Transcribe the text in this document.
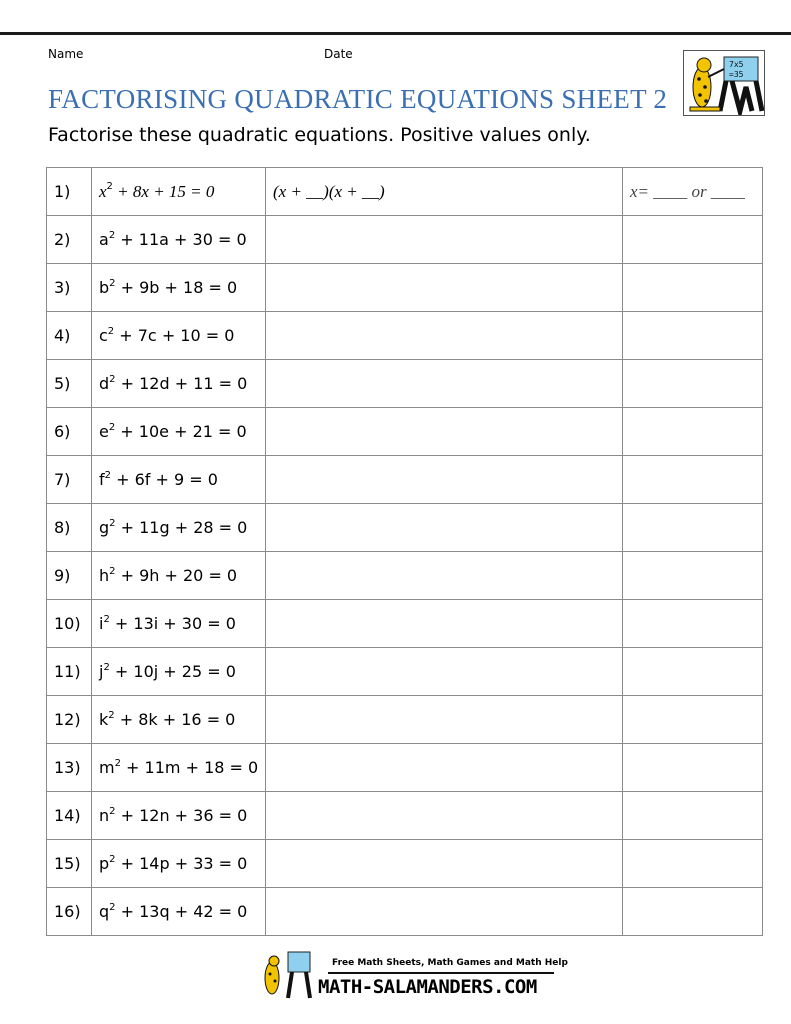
Name	Date
FACTORISING QUADRATIC EQUATIONS SHEET 2

Factorise these quadratic equations. Positive values only.

7x5
=35
1)	$x^2 + 8x + 15 = 0$	(x + __)(x + __)	x= ____ or ____
2)	$a^2 + 11a + 30 = 0$		
3)	$b^2 + 9b + 18 = 0$		
4)	$c^2 + 7c + 10 = 0$		
5)	$d^2 + 12d + 11 = 0$		
6)	$e^2 + 10e + 21 = 0$		
7)	$f^2 + 6f + 9 = 0$		
8)	$g^2 + 11g + 28 = 0$		
9)	$h^2 + 9h + 20 = 0$		
10)	$i^2 + 13i + 30 = 0$		
11)	$j^2 + 10j + 25 = 0$		
12)	$k^2 + 8k + 16 = 0$		
13)	$m^2 + 11m + 18 = 0$		
14)	$n^2 + 12n + 36 = 0$		
15)	$p^2 + 14p + 33 = 0$		
16)	$q^2 + 13q + 42 = 0$		
Free Math Sheets, Math Games and Math Help
MATH-SALAMANDERS.COM
